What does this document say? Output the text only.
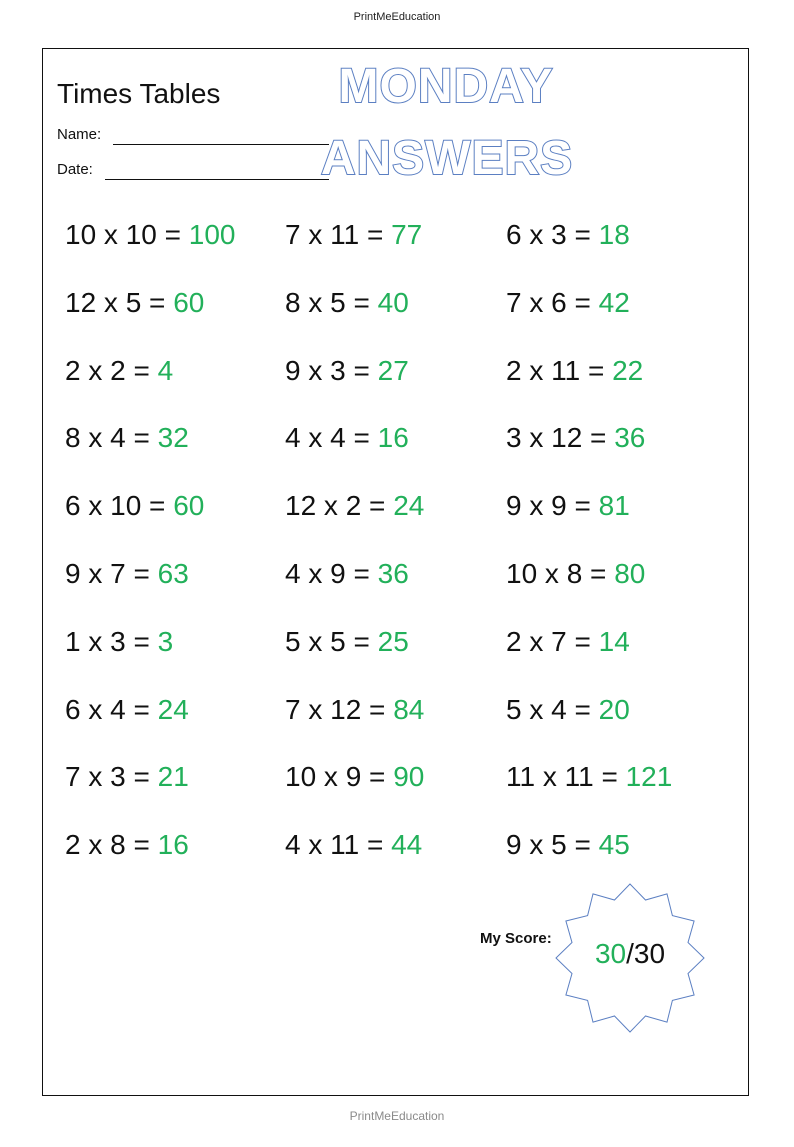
PrintMeEducation
Times Tables
Name:
Date:
MONDAY
ANSWERS
10 x 10 = 100 7 x 11 = 77	6 x 3 = 18
12 x 5 = 60	8 x 5 = 40	7 x 6 = 42
2 x 2 = 4	9 x 3 = 27	2 x 11 = 22
8 x 4 = 32	4 x 4 = 16	3 x 12 = 36
6 x 10 = 60	12 x 2 = 24	9 x 9 = 81
9 x 7 = 63	4 x 9 = 36	10 x 8 = 80
1 x 3 = 3	5 x 5 = 25	2 x 7 = 14
6 x 4 = 24	7 x 12 = 84	5 x 4 = 20
7 x 3 = 21	10 x 9 = 90	11 x 11 = 121
2 x 8 = 16	4 x 11 = 44	9 x 5 = 45
My Score:	30/30
PrintMeEducation
